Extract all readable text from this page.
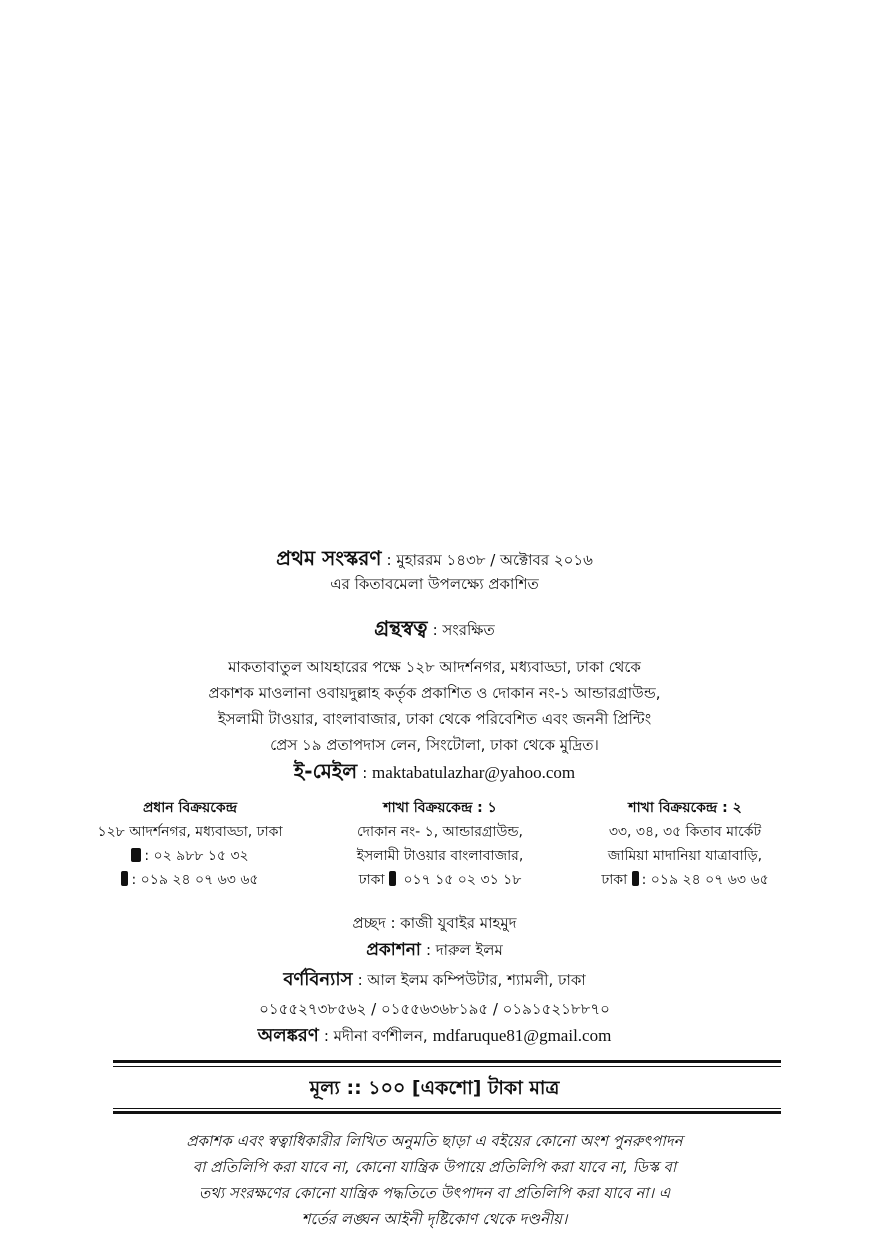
প্রথম সংস্করণ : মুহাররম ১৪৩৮ / অক্টোবর ২০১৬
এর কিতাবমেলা উপলক্ষ্যে প্রকাশিত
গ্রন্থস্বত্ব : সংরক্ষিত
মাকতাবাতুল আযহারের পক্ষে ১২৮ আদর্শনগর, মধ্যবাড্ডা, ঢাকা থেকে
প্রকাশক মাওলানা ওবায়দুল্লাহ কর্তৃক প্রকাশিত ও দোকান নং-১ আন্ডারগ্রাউন্ড,
ইসলামী টাওয়ার, বাংলাবাজার, ঢাকা থেকে পরিবেশিত এবং জননী প্রিন্টিং
প্রেস ১৯ প্রতাপদাস লেন, সিংটোলা, ঢাকা থেকে মুদ্রিত।
ই-মেইল : maktabatulazhar@yahoo.com
প্রধান বিক্রয়কেন্দ্র
১২৮ আদর্শনগর, মধ্যবাড্ডা, ঢাকা
: ০২ ৯৮৮ ১৫ ৩২
: ০১৯ ২৪ ০৭ ৬৩ ৬৫
শাখা বিক্রয়কেন্দ্র : ১
দোকান নং- ১, আন্ডারগ্রাউন্ড,
ইসলামী টাওয়ার বাংলাবাজার,
ঢাকা ০১৭ ১৫ ০২ ৩১ ১৮
শাখা বিক্রয়কেন্দ্র : ২
৩৩, ৩৪, ৩৫ কিতাব মার্কেট
জামিয়া মাদানিয়া যাত্রাবাড়ি,
ঢাকা : ০১৯ ২৪ ০৭ ৬৩ ৬৫
প্রচ্ছদ : কাজী যুবাইর মাহমুদ
প্রকাশনা : দারুল ইলম
বর্ণবিন্যাস : আল ইলম কম্পিউটার, শ্যামলী, ঢাকা
০১৫৫২৭৩৮৫৬২ / ০১৫৫৬৩৬৮১৯৫ / ০১৯১৫২১৮৮৭০
অলঙ্করণ : মদীনা বর্ণশীলন, mdfaruque81@gmail.com
মূল্য :: ১০০ [একশো] টাকা মাত্র
প্রকাশক এবং স্বত্বাধিকারীর লিখিত অনুমতি ছাড়া এ বইয়ের কোনো অংশ পুনরুৎপাদন
বা প্রতিলিপি করা যাবে না, কোনো যান্ত্রিক উপায়ে প্রতিলিপি করা যাবে না, ডিস্ক বা
তথ্য সংরক্ষণের কোনো যান্ত্রিক পদ্ধতিতে উৎপাদন বা প্রতিলিপি করা যাবে না। এ
শর্তের লঙ্ঘন আইনী দৃষ্টিকোণ থেকে দণ্ডনীয়।
